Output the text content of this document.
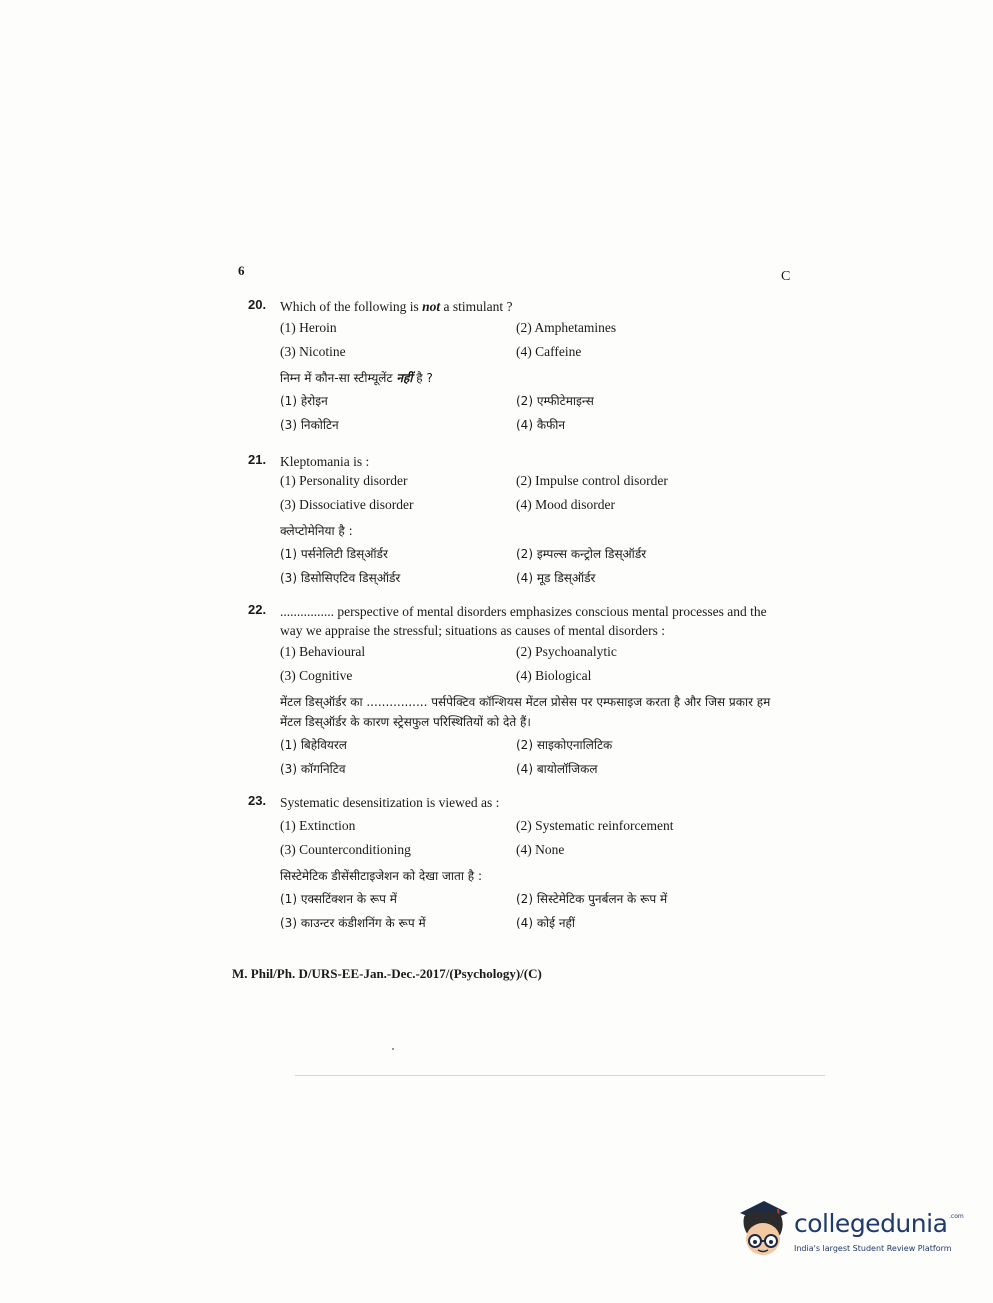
6	C
20.	Which of the following is not a stimulant ?
(1) Heroin	(2) Amphetamines
(3) Nicotine	(4) Caffeine
निम्न में कौन-सा स्टीम्यूलेंट नहीं है ?
(1) हेरोइन	(2) एम्फीटेमाइन्स
(3) निकोटिन	(4) कैफीन
21.	Kleptomania is :
(1) Personality disorder	(2) Impulse control disorder
(3) Dissociative disorder	(4) Mood disorder
क्लेप्टोमेनिया है :
(1) पर्सनेलिटी डिस्ऑर्डर	(2) इम्पल्स कन्ट्रोल डिस्ऑर्डर
(3) डिसोसिएटिव डिस्ऑर्डर	(4) मूड डिस्ऑर्डर
22.	................ perspective of mental disorders emphasizes conscious mental processes and the way we appraise the stressful; situations as causes of mental disorders :
(1) Behavioural	(2) Psychoanalytic
(3) Cognitive	(4) Biological
मेंटल डिस्ऑर्डर का ................ पर्सपेक्टिव कॉन्शियस मेंटल प्रोसेस पर एम्फसाइज करता है और जिस प्रकार हम मेंटल डिस्ऑर्डर के कारण स्ट्रेसफुल परिस्थितियों को देते हैं।
(1) बिहेवियरल	(2) साइकोएनालिटिक
(3) कॉगनिटिव	(4) बायोलॉजिकल
23.	Systematic desensitization is viewed as :
(1) Extinction	(2) Systematic reinforcement
(3) Counterconditioning	(4) None
सिस्टेमेटिक डीसेंसीटाइजेशन को देखा जाता है :
(1) एक्सटिंक्शन के रूप में	(2) सिस्टेमेटिक पुनर्बलन के रूप में
(3) काउन्टर कंडीशनिंग के रूप में	(4) कोई नहीं
M. Phil/Ph. D/URS-EE-Jan.-Dec.-2017/(Psychology)/(C)
collegedunia .com
India's largest Student Review Platform
